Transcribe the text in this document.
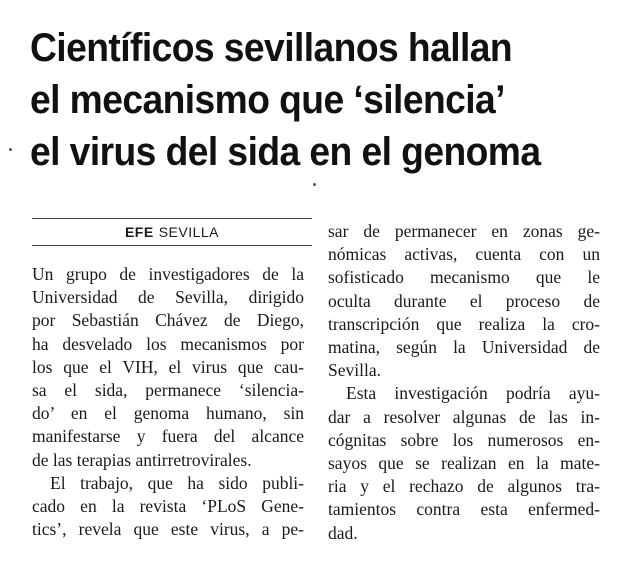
Científicos sevillanos hallan
el mecanismo que ‘silencia’
el virus del sida en el genoma
EFE SEVILLA
Un grupo de investigadores de la
Universidad de Sevilla, dirigido
por Sebastián Chávez de Diego,
ha desvelado los mecanismos por
los que el VIH, el virus que cau-
sa el sida, permanece ‘silencia-
do’ en el genoma humano, sin
manifestarse y fuera del alcance
de las terapias antirretrovirales.
El trabajo, que ha sido publi-
cado en la revista ‘PLoS Gene-
tics’, revela que este virus, a pe-
sar de permanecer en zonas ge-
nómicas activas, cuenta con un
sofisticado mecanismo que le
oculta durante el proceso de
transcripción que realiza la cro-
matina, según la Universidad de
Sevilla.
Esta investigación podría ayu-
dar a resolver algunas de las in-
cógnitas sobre los numerosos en-
sayos que se realizan en la mate-
ria y el rechazo de algunos tra-
tamientos contra esta enfermed-
dad.
